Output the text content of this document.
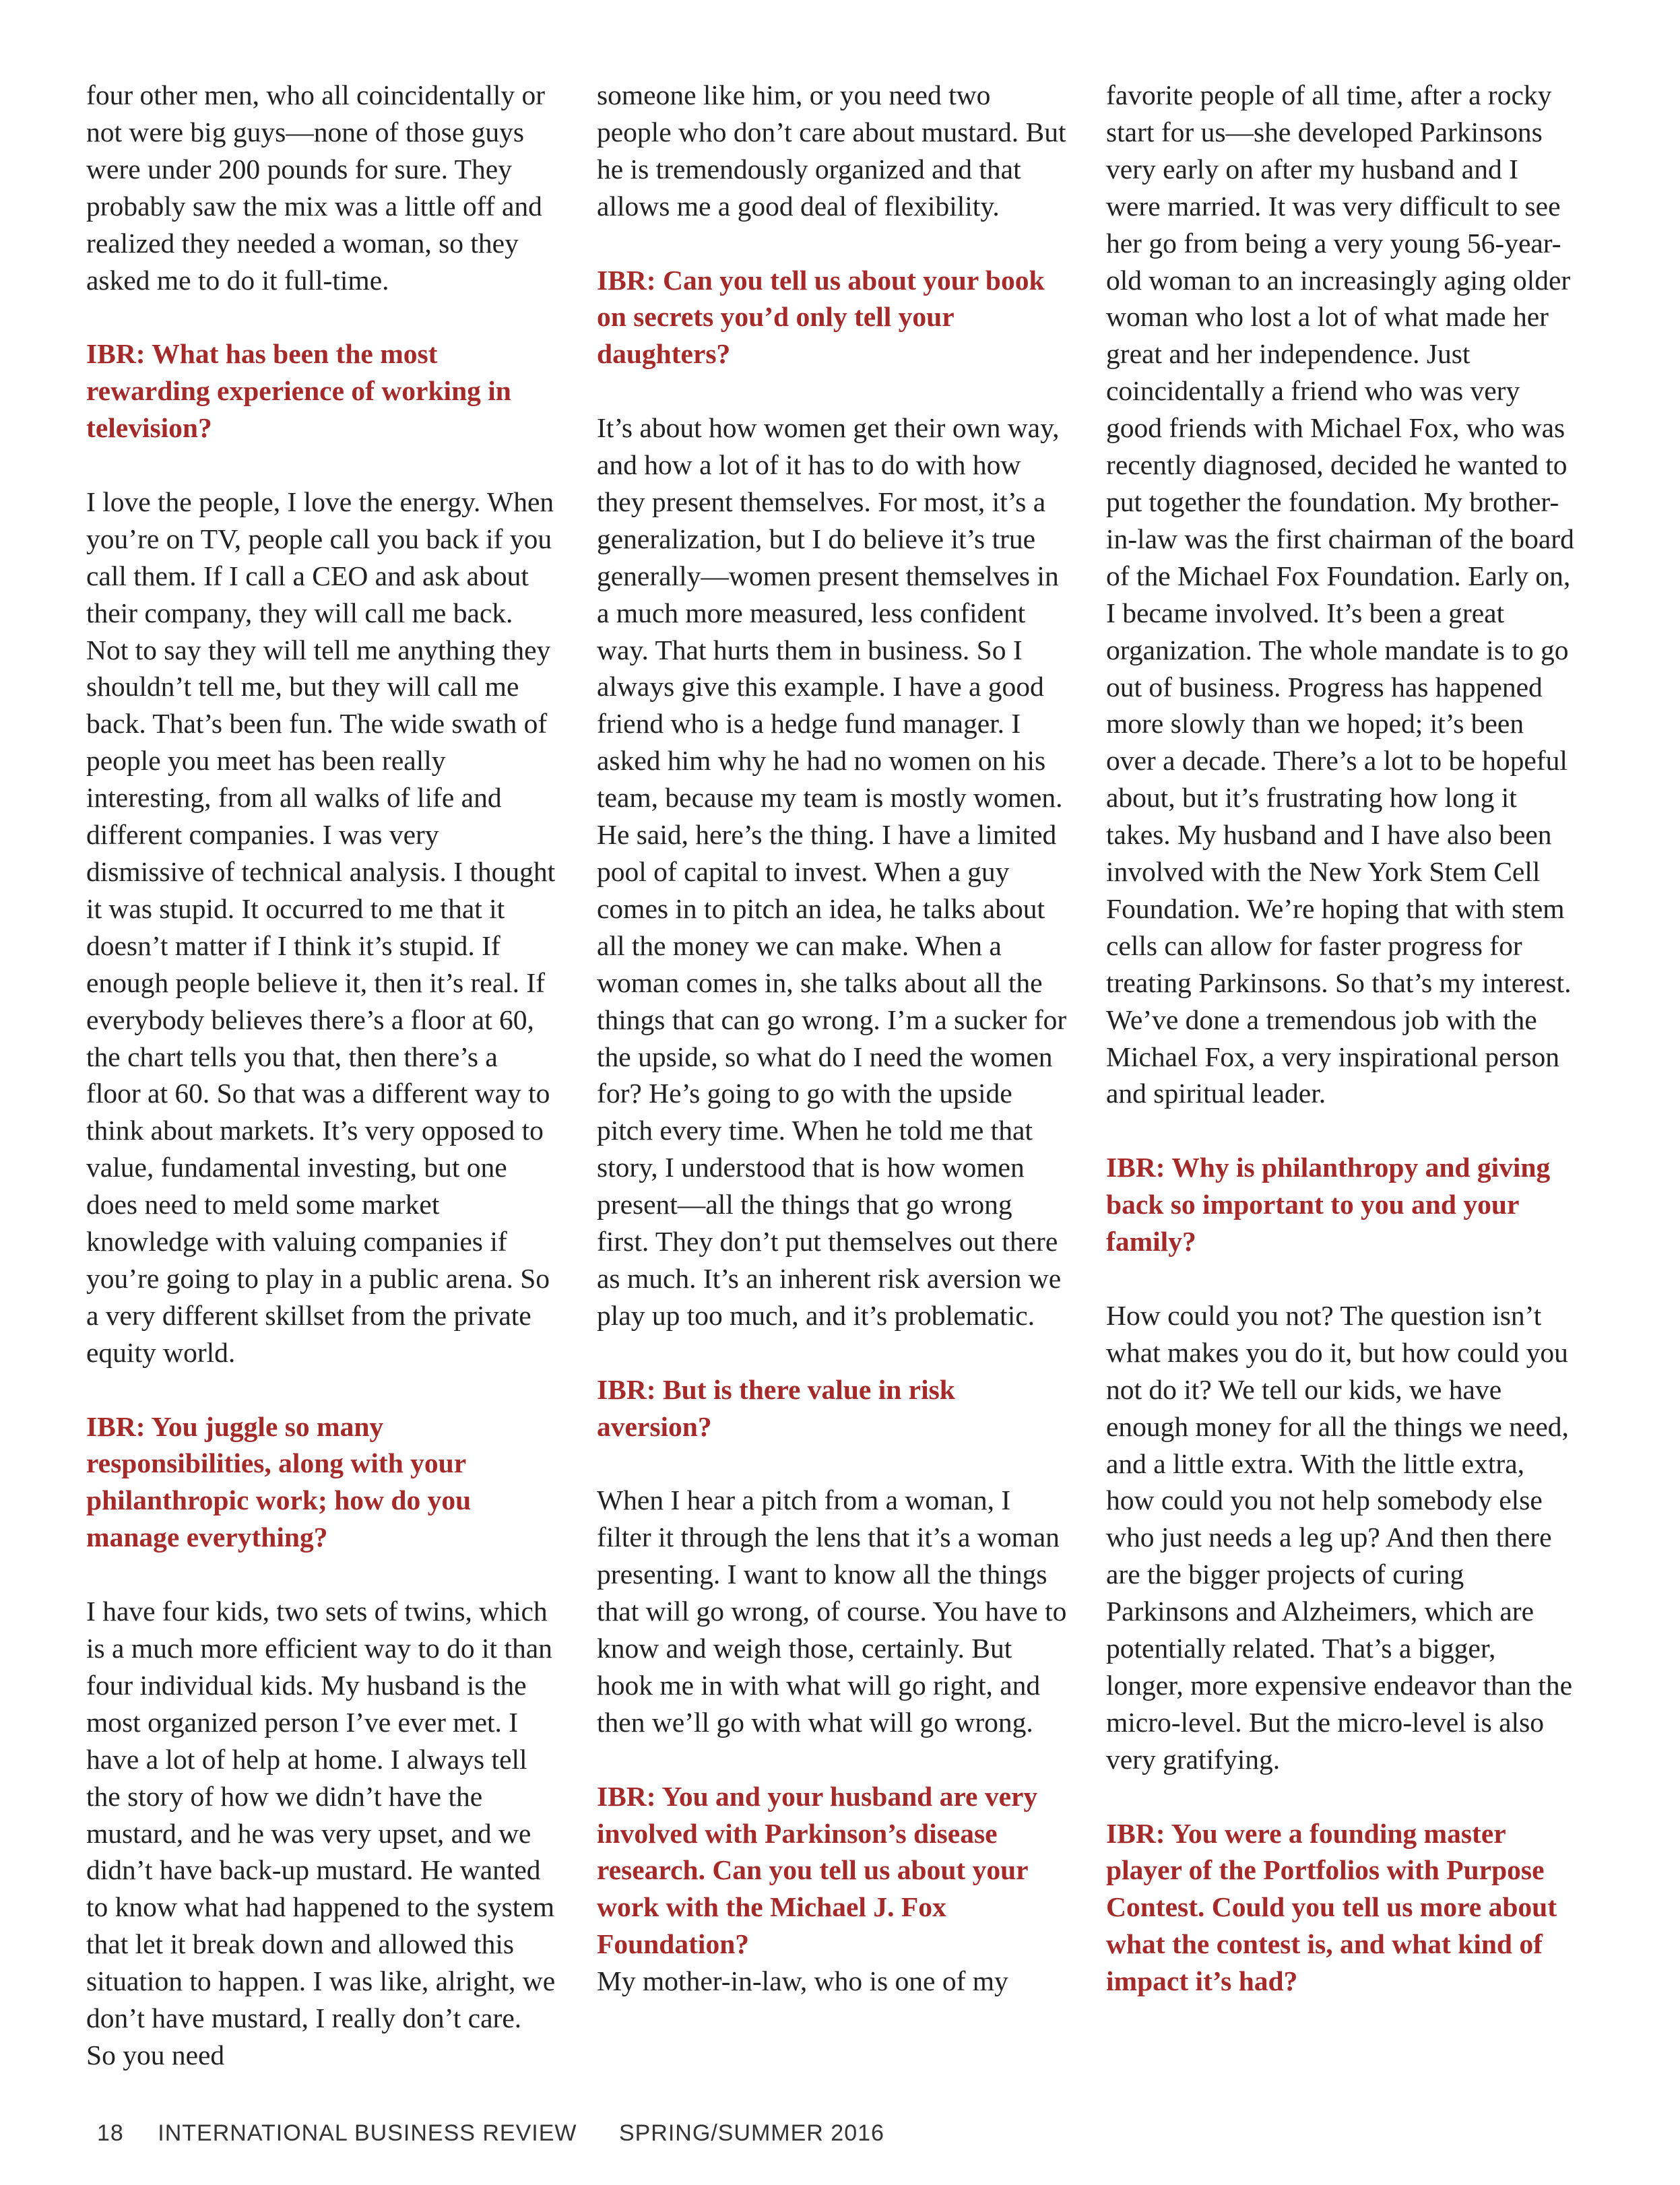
four other men, who all coincidentally or not were big guys—none of those guys were under 200 pounds for sure. They probably saw the mix was a little off and realized they needed a woman, so they asked me to do it full-time.

IBR: What has been the most rewarding experience of working in television?

I love the people, I love the energy. When you’re on TV, people call you back if you call them. If I call a CEO and ask about their company, they will call me back. Not to say they will tell me anything they shouldn’t tell me, but they will call me back. That’s been fun. The wide swath of people you meet has been really interesting, from all walks of life and different companies. I was very dismissive of technical analysis. I thought it was stupid. It occurred to me that it doesn’t matter if I think it’s stupid. If enough people believe it, then it’s real. If everybody believes there’s a floor at 60, the chart tells you that, then there’s a floor at 60. So that was a different way to think about markets. It’s very opposed to value, fundamental investing, but one does need to meld some market knowledge with valuing companies if you’re going to play in a public arena. So a very different skillset from the private equity world.

IBR: You juggle so many responsibilities, along with your philanthropic work; how do you manage everything?

I have four kids, two sets of twins, which is a much more efficient way to do it than four individual kids. My husband is the most organized person I’ve ever met. I have a lot of help at home. I always tell the story of how we didn’t have the mustard, and he was very upset, and we didn’t have back-up mustard. He wanted to know what had happened to the system that let it break down and allowed this situation to happen. I was like, alright, we don’t have mustard, I really don’t care. So you need

someone like him, or you need two people who don’t care about mustard. But he is tremendously organized and that allows me a good deal of flexibility.

IBR: Can you tell us about your book on secrets you’d only tell your daughters?

It’s about how women get their own way, and how a lot of it has to do with how they present themselves. For most, it’s a generalization, but I do believe it’s true generally—women present themselves in a much more measured, less confident way. That hurts them in business. So I always give this example. I have a good friend who is a hedge fund manager. I asked him why he had no women on his team, because my team is mostly women. He said, here’s the thing. I have a limited pool of capital to invest. When a guy comes in to pitch an idea, he talks about all the money we can make. When a woman comes in, she talks about all the things that can go wrong. I’m a sucker for the upside, so what do I need the women for? He’s going to go with the upside pitch every time. When he told me that story, I understood that is how women present—all the things that go wrong first. They don’t put themselves out there as much. It’s an inherent risk aversion we play up too much, and it’s problematic.

IBR: But is there value in risk aversion?

When I hear a pitch from a woman, I filter it through the lens that it’s a woman presenting. I want to know all the things that will go wrong, of course. You have to know and weigh those, certainly. But hook me in with what will go right, and then we’ll go with what will go wrong.

IBR: You and your husband are very involved with Parkinson’s disease research. Can you tell us about your work with the Michael J. Fox Foundation?

My mother-in-law, who is one of my

favorite people of all time, after a rocky start for us—she developed Parkinsons very early on after my husband and I were married. It was very difficult to see her go from being a very young 56-year-old woman to an increasingly aging older woman who lost a lot of what made her great and her independence. Just coincidentally a friend who was very good friends with Michael Fox, who was recently diagnosed, decided he wanted to put together the foundation. My brother-in-law was the first chairman of the board of the Michael Fox Foundation. Early on, I became involved. It’s been a great organization. The whole mandate is to go out of business. Progress has happened more slowly than we hoped; it’s been over a decade. There’s a lot to be hopeful about, but it’s frustrating how long it takes. My husband and I have also been involved with the New York Stem Cell Foundation. We’re hoping that with stem cells can allow for faster progress for treating Parkinsons. So that’s my interest. We’ve done a tremendous job with the Michael Fox, a very inspirational person and spiritual leader.

IBR: Why is philanthropy and giving back so important to you and your family?

How could you not? The question isn’t what makes you do it, but how could you not do it? We tell our kids, we have enough money for all the things we need, and a little extra. With the little extra, how could you not help somebody else who just needs a leg up? And then there are the bigger projects of curing Parkinsons and Alzheimers, which are potentially related. That’s a bigger, longer, more expensive endeavor than the micro-level. But the micro-level is also very gratifying.

IBR: You were a founding master player of the Portfolios with Purpose Contest. Could you tell us more about what the contest is, and what kind of impact it’s had?

18 INTERNATIONAL BUSINESS REVIEW SPRING/SUMMER 2016
